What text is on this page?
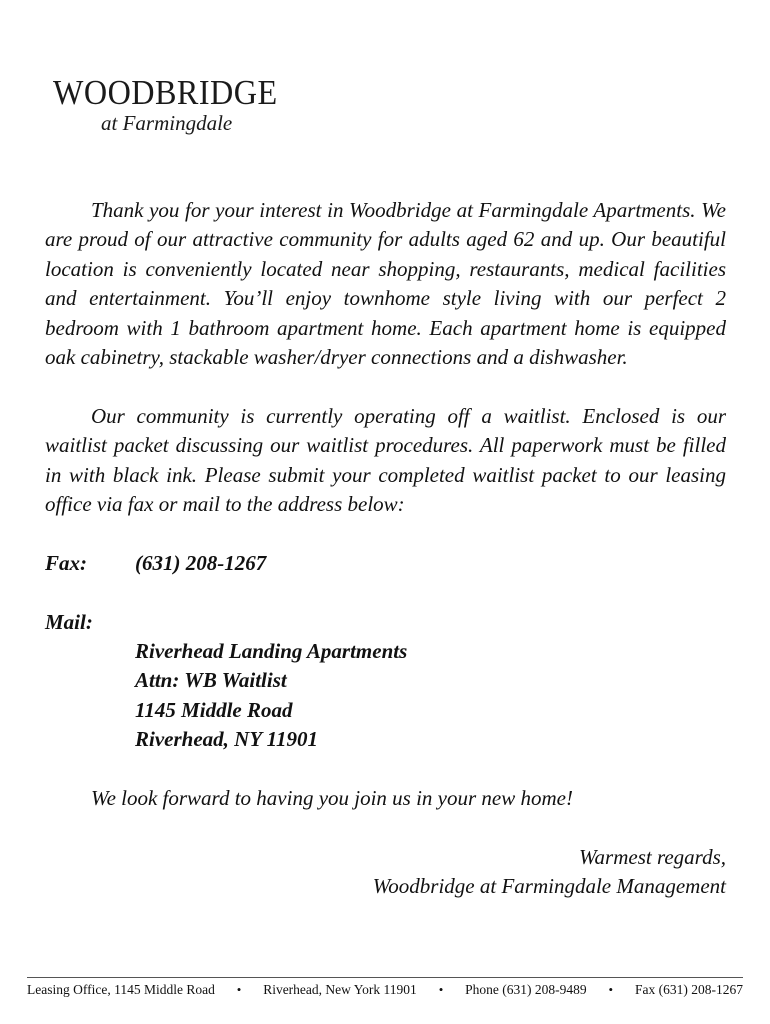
WOODBRIDGE
at Farmingdale

Thank you for your interest in Woodbridge at Farmingdale Apartments. We are proud of our attractive community for adults aged 62 and up. Our beautiful location is conveniently located near shopping, restaurants, medical facilities and entertainment. You’ll enjoy townhome style living with our perfect 2 bedroom with 1 bathroom apartment home. Each apartment home is equipped oak cabinetry, stackable washer/dryer connections and a dishwasher.

Our community is currently operating off a waitlist. Enclosed is our waitlist packet discussing our waitlist procedures. All paperwork must be filled in with black ink. Please submit your completed waitlist packet to our leasing office via fax or mail to the address below:

Fax:	(631) 208-1267
Mail:
Riverhead Landing Apartments
Attn: WB Waitlist
1145 Middle Road
Riverhead, NY 11901
We look forward to having you join us in your new home!
Warmest regards,
Woodbridge at Farmingdale Management
Leasing Office, 1145 Middle Road • Riverhead, New York 11901 • Phone (631) 208-9489 • Fax (631) 208-1267
